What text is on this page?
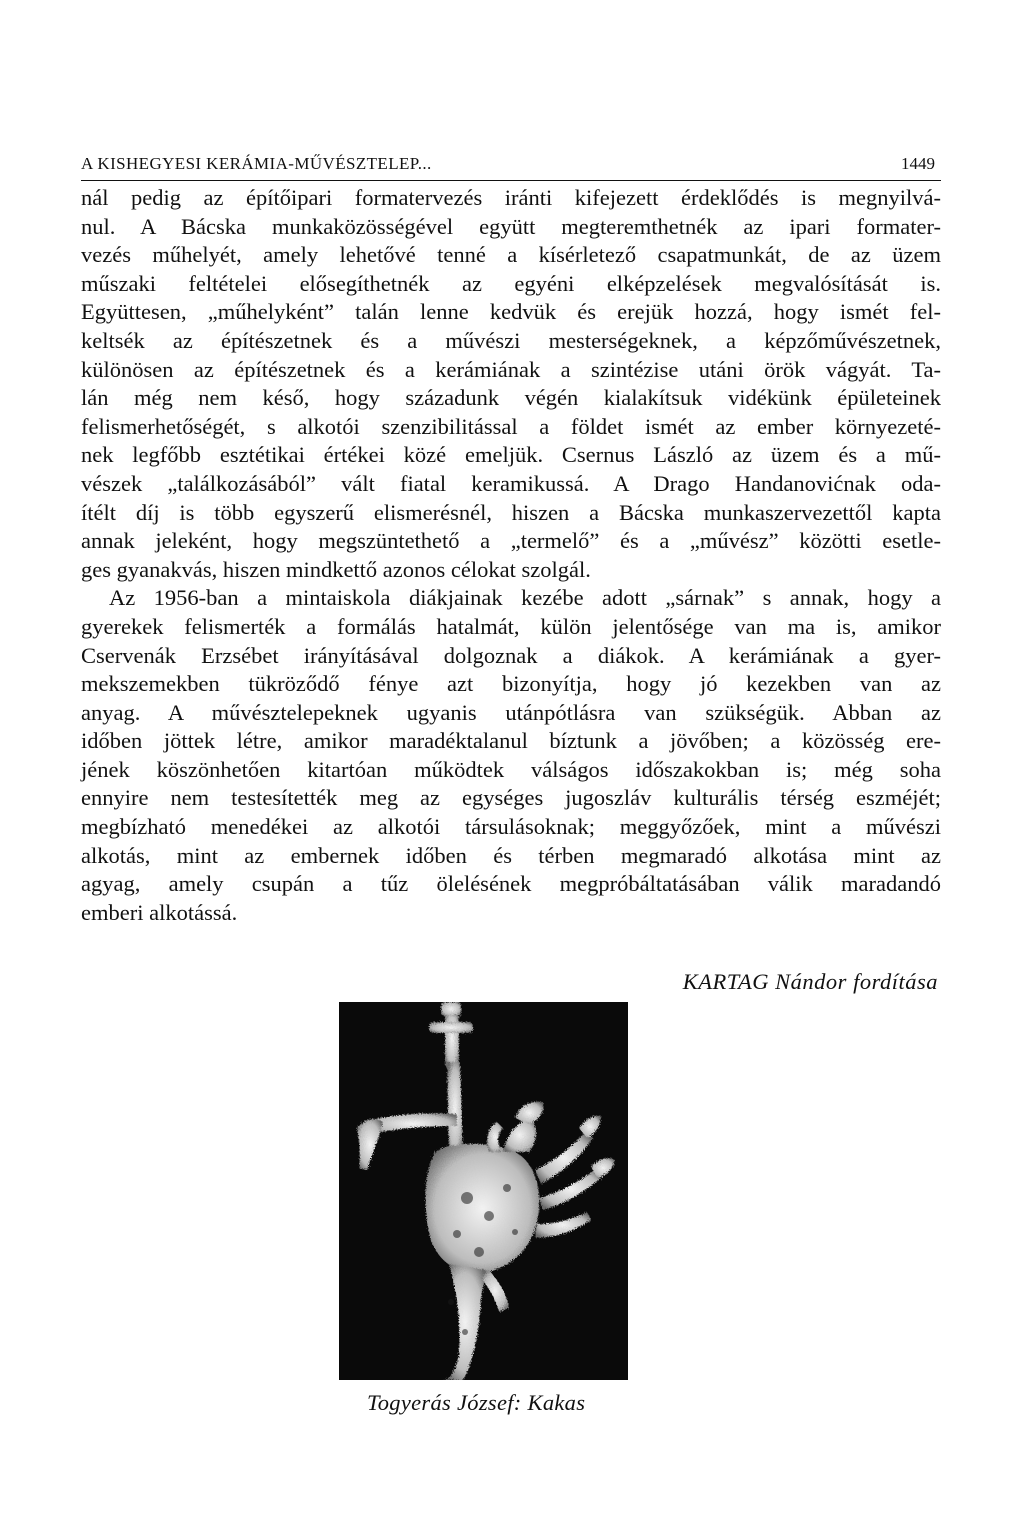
A KISHEGYESI KERÁMIA-MŰVÉSZTELEP...	1449

nál pedig az építőipari formatervezés iránti kifejezett érdeklődés is megnyilvá-

nul. A Bácska munkaközösségével együtt megteremthetnék az ipari formater-

vezés műhelyét, amely lehetővé tenné a kísérletező csapatmunkát, de az üzem

műszaki feltételei elősegíthetnék az egyéni elképzelések megvalósítását is.

Együttesen, „műhelyként” talán lenne kedvük és erejük hozzá, hogy ismét fel-

keltsék az építészetnek és a művészi mesterségeknek, a képzőművészetnek,

különösen az építészetnek és a kerámiának a szintézise utáni örök vágyát. Ta-

lán még nem késő, hogy századunk végén kialakítsuk vidékünk épületeinek

felismerhetőségét, s alkotói szenzibilitással a földet ismét az ember környezeté-

nek legfőbb esztétikai értékei közé emeljük. Csernus László az üzem és a mű-

vészek „találkozásából” vált fiatal keramikussá. A Drago Handanovićnak oda-

ítélt díj is több egyszerű elismerésnél, hiszen a Bácska munkaszervezettől kapta

annak jeleként, hogy megszüntethető a „termelő” és a „művész” közötti esetle-

ges gyanakvás, hiszen mindkettő azonos célokat szolgál.

Az 1956-ban a mintaiskola diákjainak kezébe adott „sárnak” s annak, hogy a

gyerekek felismerték a formálás hatalmát, külön jelentősége van ma is, amikor

Cservenák Erzsébet irányításával dolgoznak a diákok. A kerámiának a gyer-

mekszemekben tükröződő fénye azt bizonyítja, hogy jó kezekben van az

anyag. A művésztelepeknek ugyanis utánpótlásra van szükségük. Abban az

időben jöttek létre, amikor maradéktalanul bíztunk a jövőben; a közösség ere-

jének köszönhetően kitartóan működtek válságos időszakokban is; még soha

ennyire nem testesítették meg az egységes jugoszláv kulturális térség eszméjét;

megbízható menedékei az alkotói társulásoknak; meggyőzőek, mint a művészi

alkotás, mint az embernek időben és térben megmaradó alkotása mint az

agyag, amely csupán a tűz ölelésének megpróbáltatásában válik maradandó

emberi alkotássá.

KARTAG Nándor fordítása
Togyerás József: Kakas
